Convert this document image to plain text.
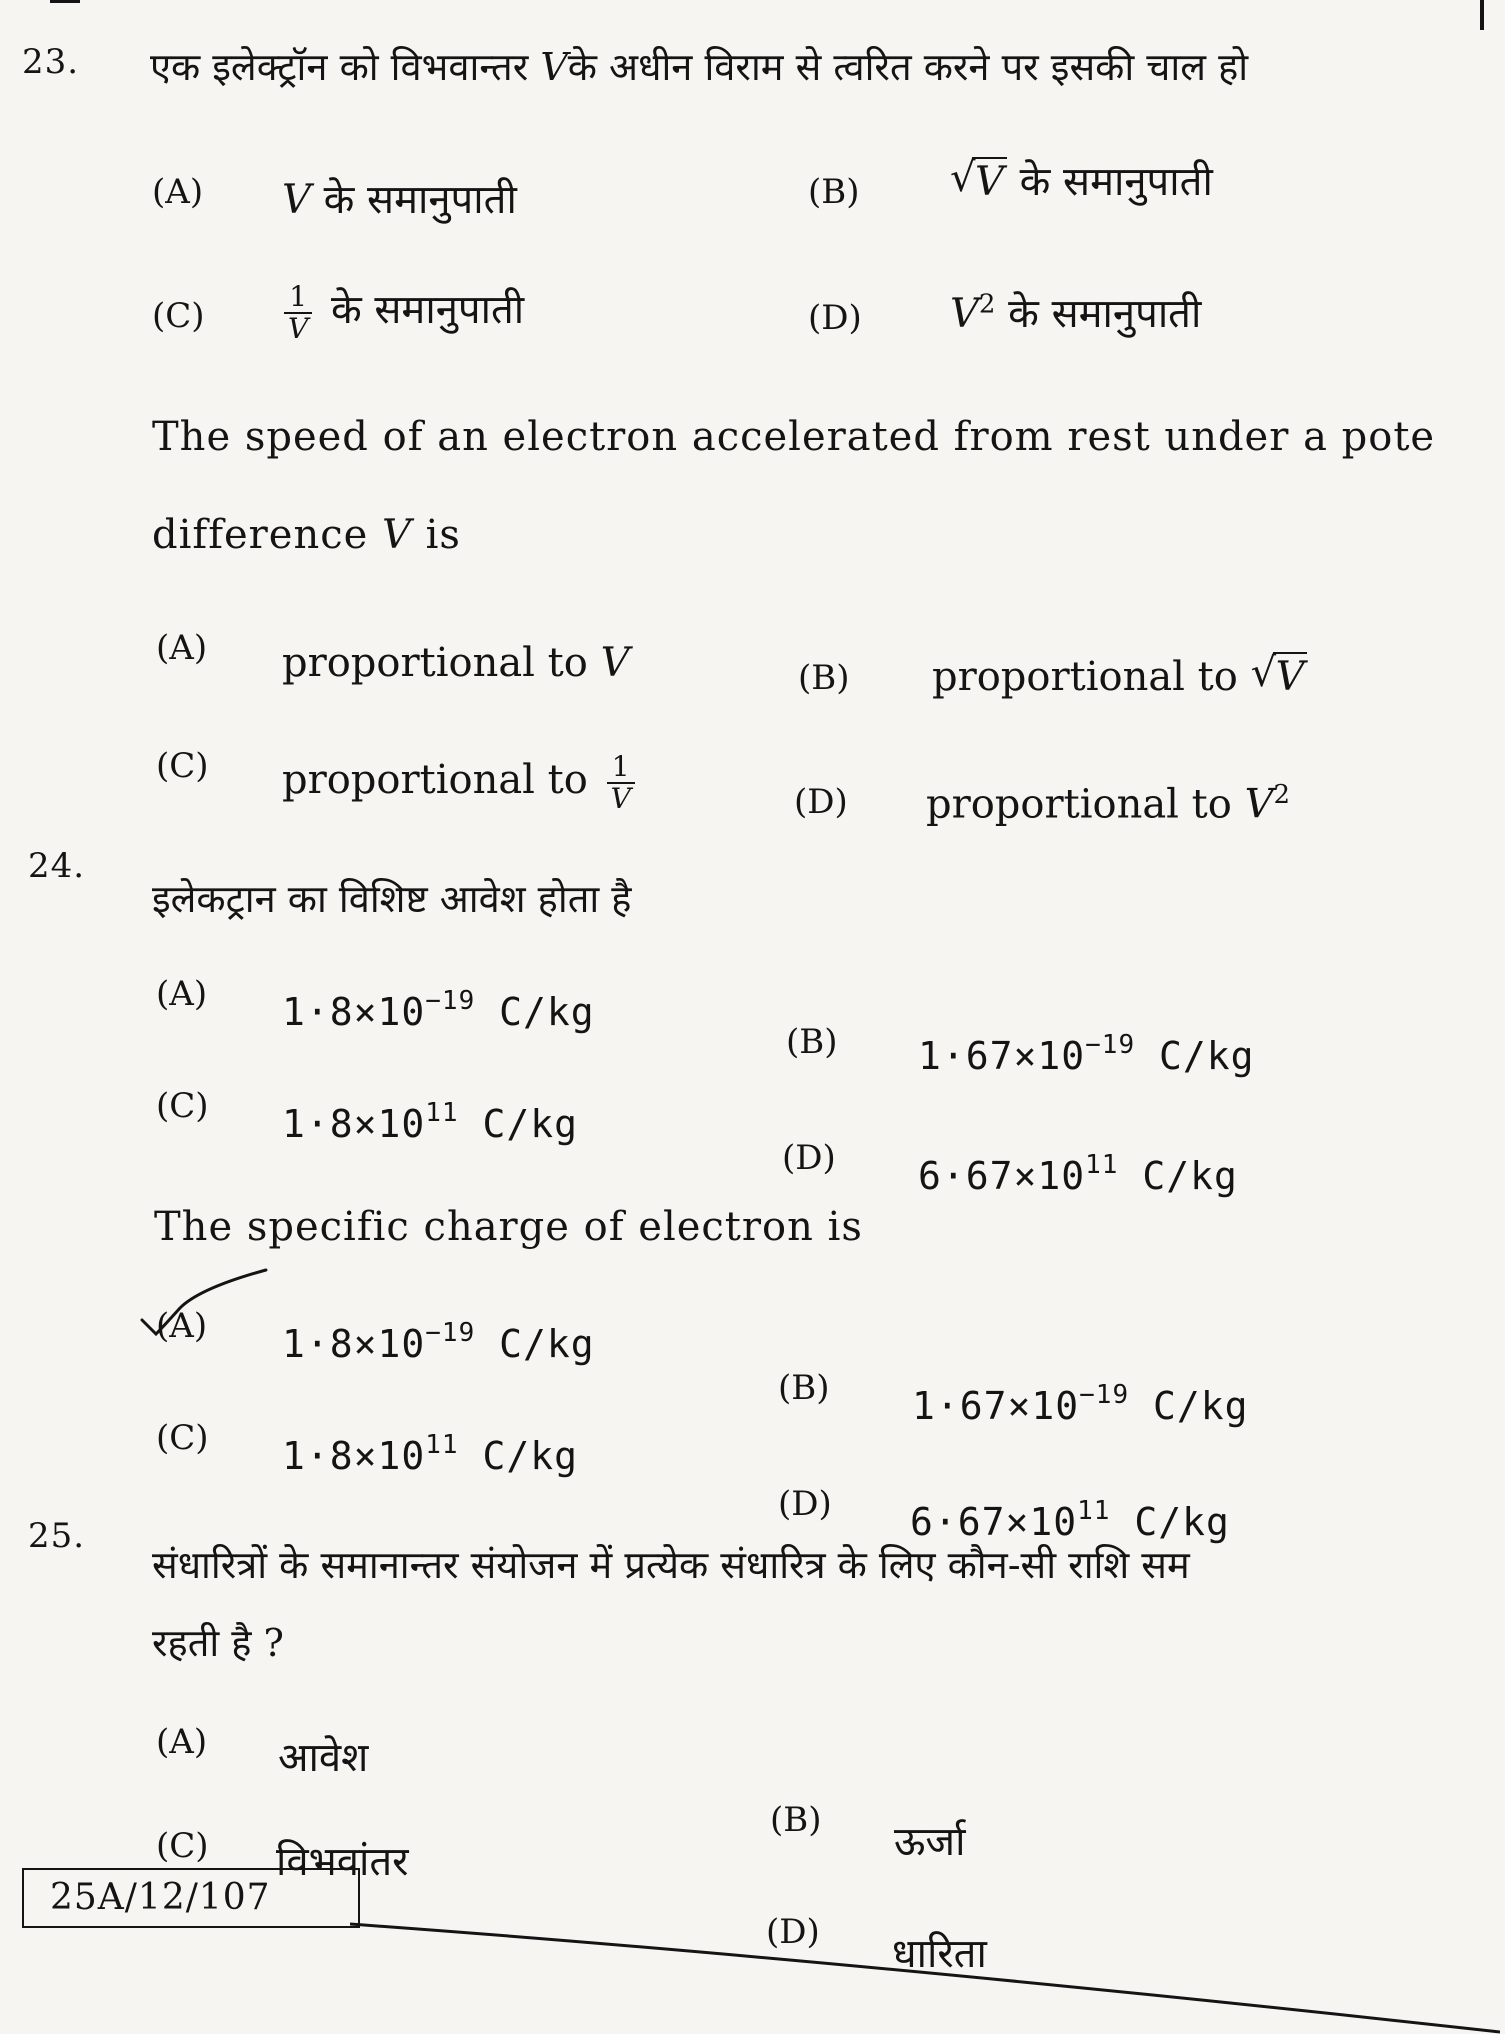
23. एक इलेक्ट्रॉन को विभवान्तर Vके अधीन विराम से त्वरित करने पर इसकी चाल हो
(A) V के समानुपाती	(B) √ V के समानुपाती
(C)	$\frac{1}{V}$ के समानुपाती	(D) $V^2$ के समानुपाती
The speed of an electron accelerated from rest under a pote
difference V is
(A) proportional to V	(B) proportional to √ V
(C) proportional to $\frac{1}{V}$	(D) proportional to $V^2$
24.
इलेकट्रान का विशिष्ट आवेश होता है
(A) $1\cdot 8\times 10^{-19}$ C/kg
(B) $1\cdot 67\times 10^{-19}$ C/kg
(C) $1\cdot 8\times 10^{11}$ C/kg
(D) $6\cdot 67\times 10^{11}$ C/kg
The specific charge of electron is
(A) $1\cdot 8\times 10^{-19}$ C/kg
(B) $1\cdot 67\times 10^{-19}$ C/kg
(C) $1\cdot 8\times 10^{11}$ C/kg
(D) $6\cdot 67\times 10^{11}$ C/kg
25.
संधारित्रों के समानान्तर संयोजन में प्रत्येक संधारित्र के लिए कौन-सी राशि सम
रहती है ?
(A) आवेश
(B) ऊर्जा
(C) विभवांतर
(D) धारिता
25A/12/107
